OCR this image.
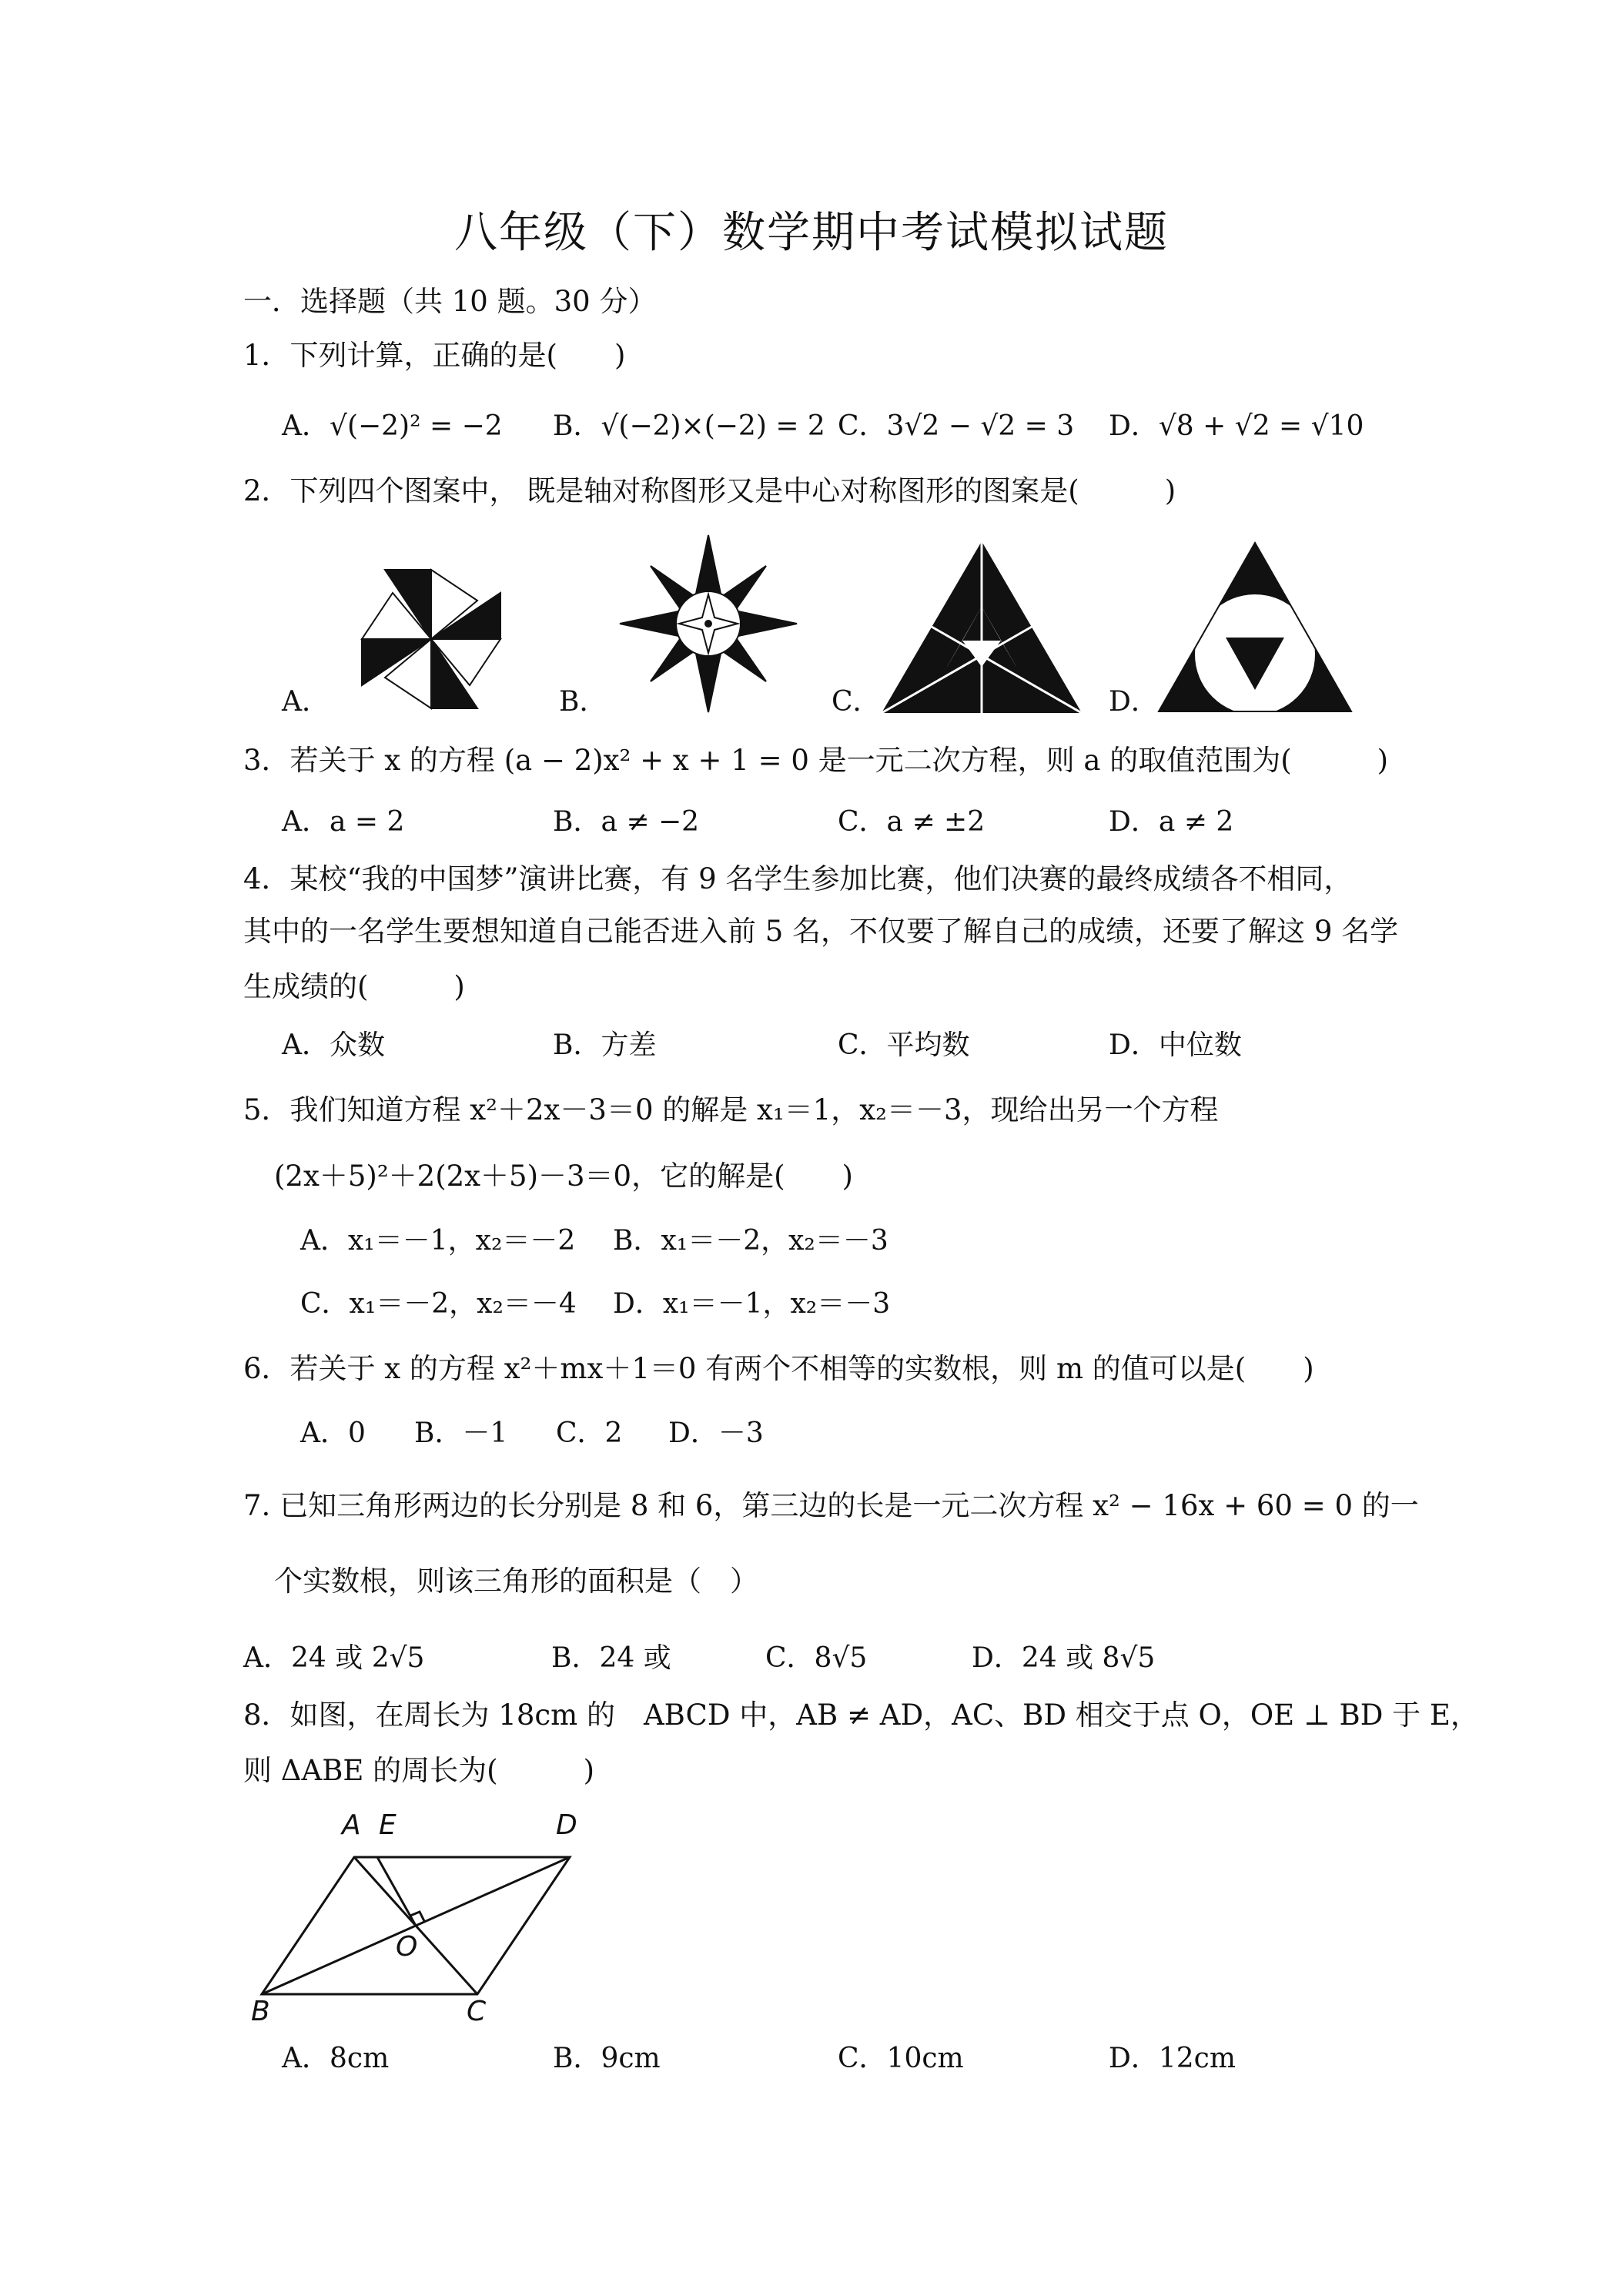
八年级（下）数学期中考试模拟试题
一．选择题（共 10 题。30 分）
1．下列计算，正确的是(　　)
A．√(−2)² = −2 B．√(−2)×(−2) = 2 C．3√2 − √2 = 3 D．√8 + √2 = √10
2．下列四个图案中， 既是轴对称图形又是中心对称图形的图案是(　　　)
A．	B．	C．	D．
3．若关于 x 的方程 (a − 2)x² + x + 1 = 0 是一元二次方程，则 a 的取值范围为(　　　)
A．a = 2	B．a ≠ −2	C．a ≠ ±2	D．a ≠ 2
4．某校“我的中国梦”演讲比赛，有 9 名学生参加比赛，他们决赛的最终成绩各不相同，
其中的一名学生要想知道自己能否进入前 5 名，不仅要了解自己的成绩，还要了解这 9 名学
生成绩的(　　　)
A．众数	B．方差	C．平均数	D．中位数
5．我们知道方程 x²＋2x－3＝0 的解是 x₁＝1，x₂＝－3，现给出另一个方程
(2x＋5)²＋2(2x＋5)－3＝0，它的解是(　　)
A．x₁＝－1，x₂＝－2 B．x₁＝－2，x₂＝－3
C．x₁＝－2，x₂＝－4 D．x₁＝－1，x₂＝－3
6．若关于 x 的方程 x²＋mx＋1＝0 有两个不相等的实数根，则 m 的值可以是(　　)
A．0 B．－1 C．2 D．－3
7. 已知三角形两边的长分别是 8 和 6，第三边的长是一元二次方程 x² − 16x + 60 = 0 的一
个实数根，则该三角形的面积是（　）
A．24 或 2√5	B．24 或	C．8√5	D．24 或 8√5
8．如图，在周长为 18cm 的　ABCD 中，AB ≠ AD，AC、BD 相交于点 O，OE ⊥ BD 于 E，
则 ΔABE 的周长为(　　　)
A E	D
O
B	C
A．8cm	B．9cm	C．10cm	D．12cm
